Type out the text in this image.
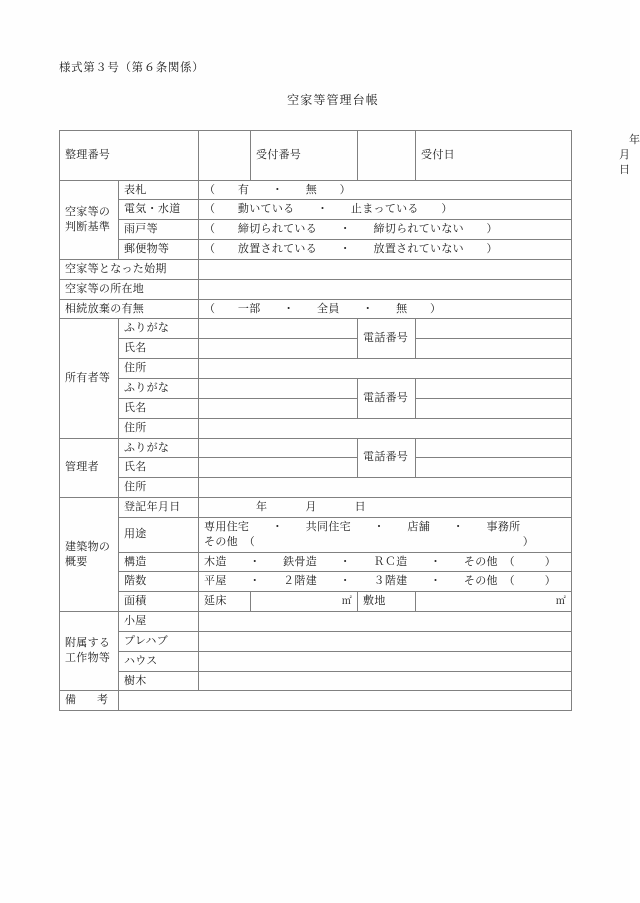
様式第３号（第６条関係）
空家等管理台帳
整理番号			受付番号		受付日	年月日
空家等の判断基準	表札	（　　有　　・　　無　　）				
	電気・水道	（　　動いている　　・　　止まっている　　）				
	雨戸等	（　　締切られている　　・　　締切られていない　　）				
	郵便物等	（　　放置されている　　・　　放置されていない　　）				
空家等となった始期						
空家等の所在地						
相続放棄の有無		（　　一部　　・　　全員　　・　　無　　）				
所有者等	ふりがな			電話番号		
	氏名					
	住所					
	ふりがな			電話番号		
	氏名					
	住所					
管理者	ふりがな			電話番号		
	氏名					
	住所					
建築物の概要	登記年月日	年 月 日				
	用途	専用住宅　　・　　共同住宅　　・　　店舗　　・　　事務所
その他　（ ）				

	構造	木造　　・　　鉄骨造　　・　　ＲＣ造　　・　　その他　（ ）				

	階数	平屋　　・　　２階建　　・　　３階建　　・　　その他　（ ）				

	面積	延床	㎡	敷地	㎡	

附属する工作物等	小屋					
	プレハブ					
	ハウス					
	樹木					
備　考						
